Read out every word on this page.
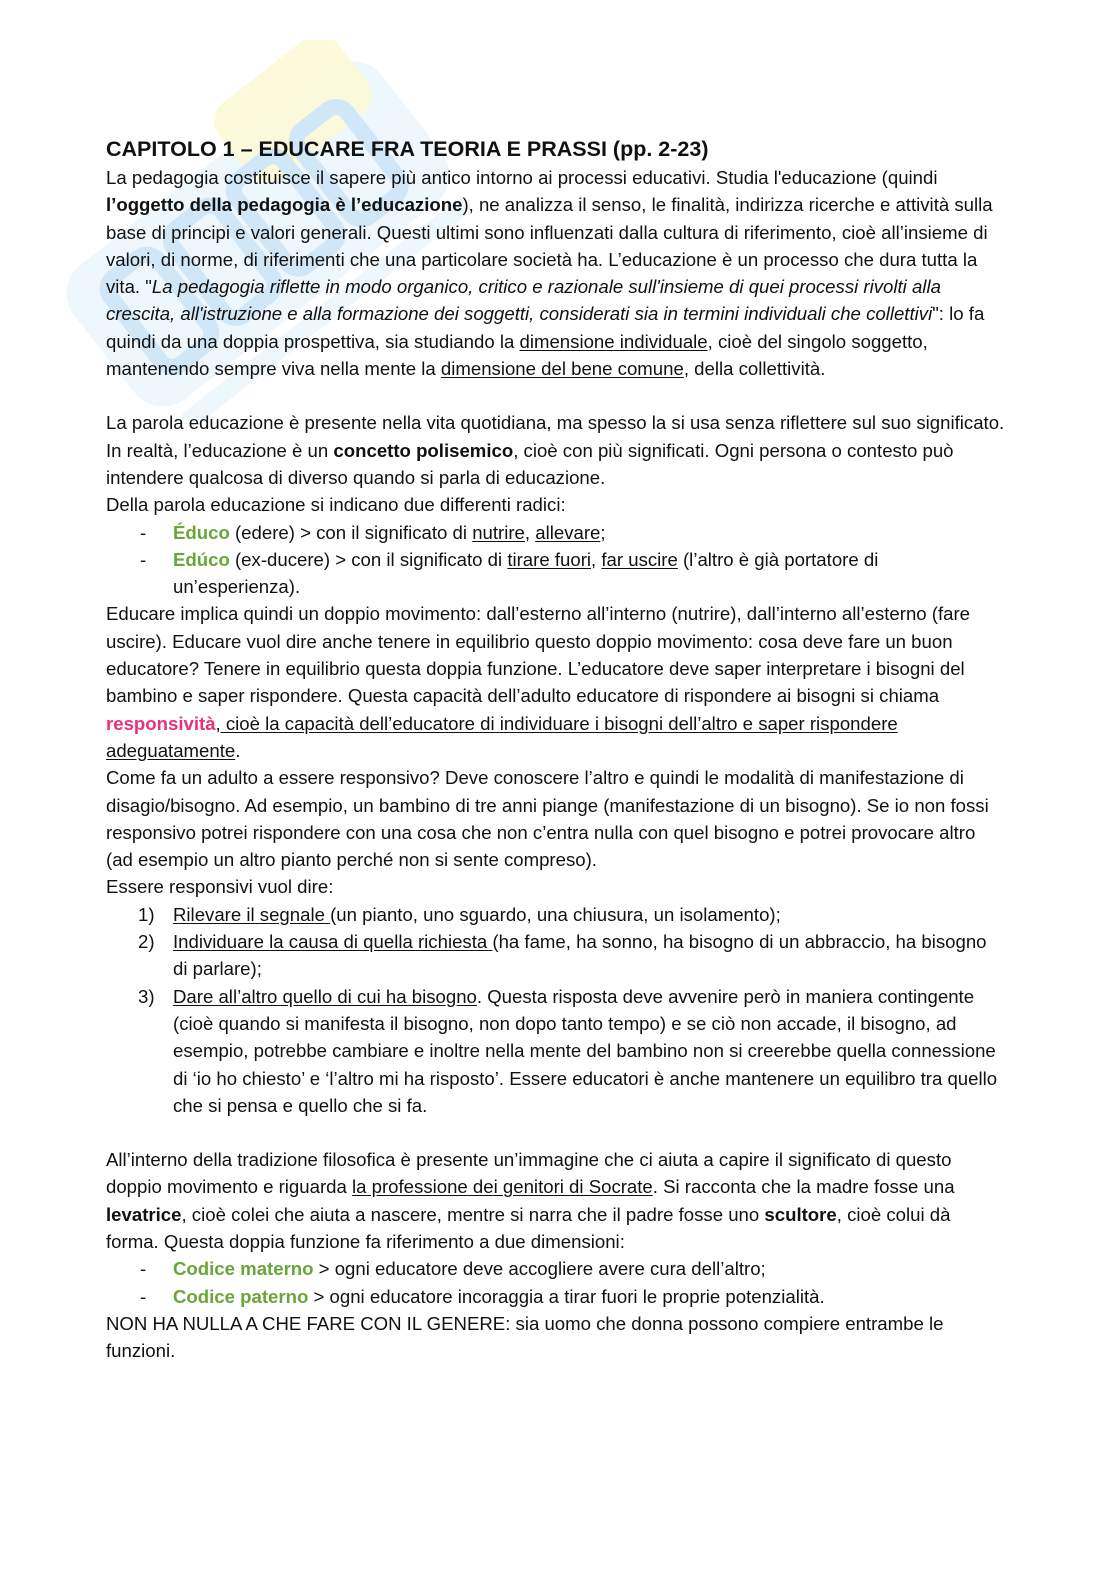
CAPITOLO 1 – EDUCARE FRA TEORIA E PRASSI (pp. 2-23)

La pedagogia costituisce il sapere più antico intorno ai processi educativi. Studia l'educazione (quindi l’oggetto della pedagogia è l’educazione), ne analizza il senso, le finalità, indirizza ricerche e attività sulla base di principi e valori generali. Questi ultimi sono influenzati dalla cultura di riferimento, cioè all’insieme di valori, di norme, di riferimenti che una particolare società ha. L’educazione è un processo che dura tutta la vita. "La pedagogia riflette in modo organico, critico e razionale sull'insieme di quei processi rivolti alla crescita, all'istruzione e alla formazione dei soggetti, considerati sia in termini individuali che collettivi": lo fa quindi da una doppia prospettiva, sia studiando la dimensione individuale, cioè del singolo soggetto, mantenendo sempre viva nella mente la dimensione del bene comune, della collettività.

La parola educazione è presente nella vita quotidiana, ma spesso la si usa senza riflettere sul suo significato. In realtà, l’educazione è un concetto polisemico, cioè con più significati. Ogni persona o contesto può intendere qualcosa di diverso quando si parla di educazione.

Della parola educazione si indicano due differenti radici:

-	Éduco (edere) > con il significato di nutrire, allevare;
-	Edúco (ex-ducere) > con il significato di tirare fuori, far uscire (l’altro è già portatore di un’esperienza).

Educare implica quindi un doppio movimento: dall’esterno all’interno (nutrire), dall’interno all’esterno (fare uscire). Educare vuol dire anche tenere in equilibrio questo doppio movimento: cosa deve fare un buon educatore? Tenere in equilibrio questa doppia funzione. L’educatore deve saper interpretare i bisogni del bambino e saper rispondere. Questa capacità dell’adulto educatore di rispondere ai bisogni si chiama responsività, cioè la capacità dell’educatore di individuare i bisogni dell’altro e saper rispondere adeguatamente.

Come fa un adulto a essere responsivo? Deve conoscere l’altro e quindi le modalità di manifestazione di disagio/bisogno. Ad esempio, un bambino di tre anni piange (manifestazione di un bisogno). Se io non fossi responsivo potrei rispondere con una cosa che non c’entra nulla con quel bisogno e potrei provocare altro (ad esempio un altro pianto perché non si sente compreso).

Essere responsivi vuol dire:

1) Rilevare il segnale (un pianto, uno sguardo, una chiusura, un isolamento);
2) Individuare la causa di quella richiesta (ha fame, ha sonno, ha bisogno di un abbraccio, ha bisogno di parlare);
3) Dare all’altro quello di cui ha bisogno. Questa risposta deve avvenire però in maniera contingente (cioè quando si manifesta il bisogno, non dopo tanto tempo) e se ciò non accade, il bisogno, ad esempio, potrebbe cambiare e inoltre nella mente del bambino non si creerebbe quella connessione di ‘io ho chiesto’ e ‘l’altro mi ha risposto’. Essere educatori è anche mantenere un equilibro tra quello che si pensa e quello che si fa.

All’interno della tradizione filosofica è presente un’immagine che ci aiuta a capire il significato di questo doppio movimento e riguarda la professione dei genitori di Socrate. Si racconta che la madre fosse una levatrice, cioè colei che aiuta a nascere, mentre si narra che il padre fosse uno scultore, cioè colui dà forma. Questa doppia funzione fa riferimento a due dimensioni:

-	Codice materno > ogni educatore deve accogliere avere cura dell’altro;
-	Codice paterno > ogni educatore incoraggia a tirar fuori le proprie potenzialità.

NON HA NULLA A CHE FARE CON IL GENERE: sia uomo che donna possono compiere entrambe le funzioni.
